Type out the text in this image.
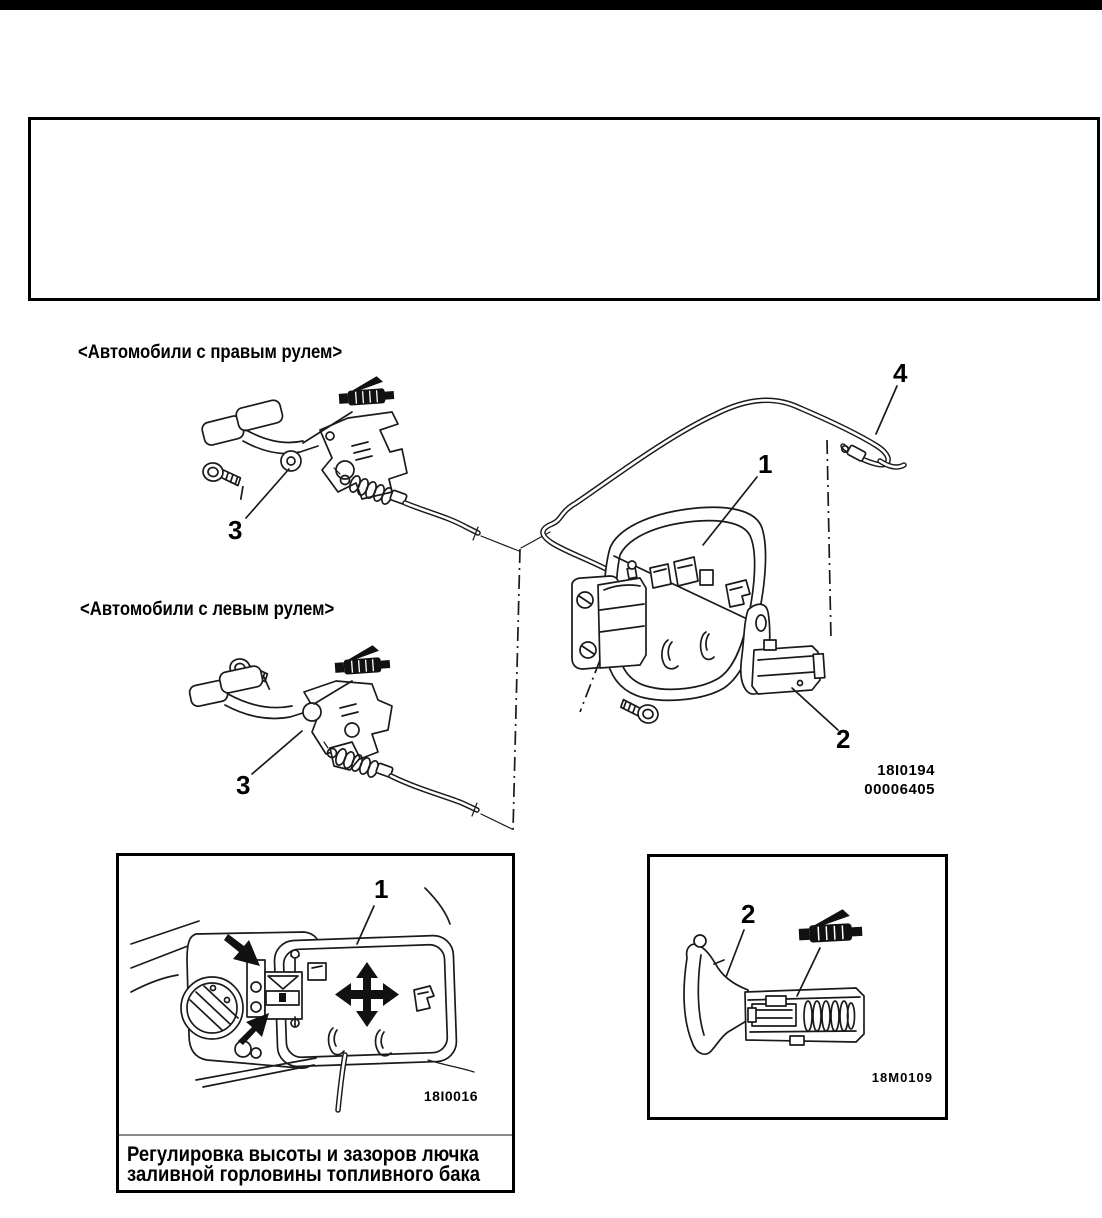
<Автомобили с правым рулем>
<Автомобили с левым рулем>
3
1
4
2
3
1
2
18I0194
00006405
18I0016
18M0109
Регулировка высоты и зазоров лючка
заливной горловины топливного бака
